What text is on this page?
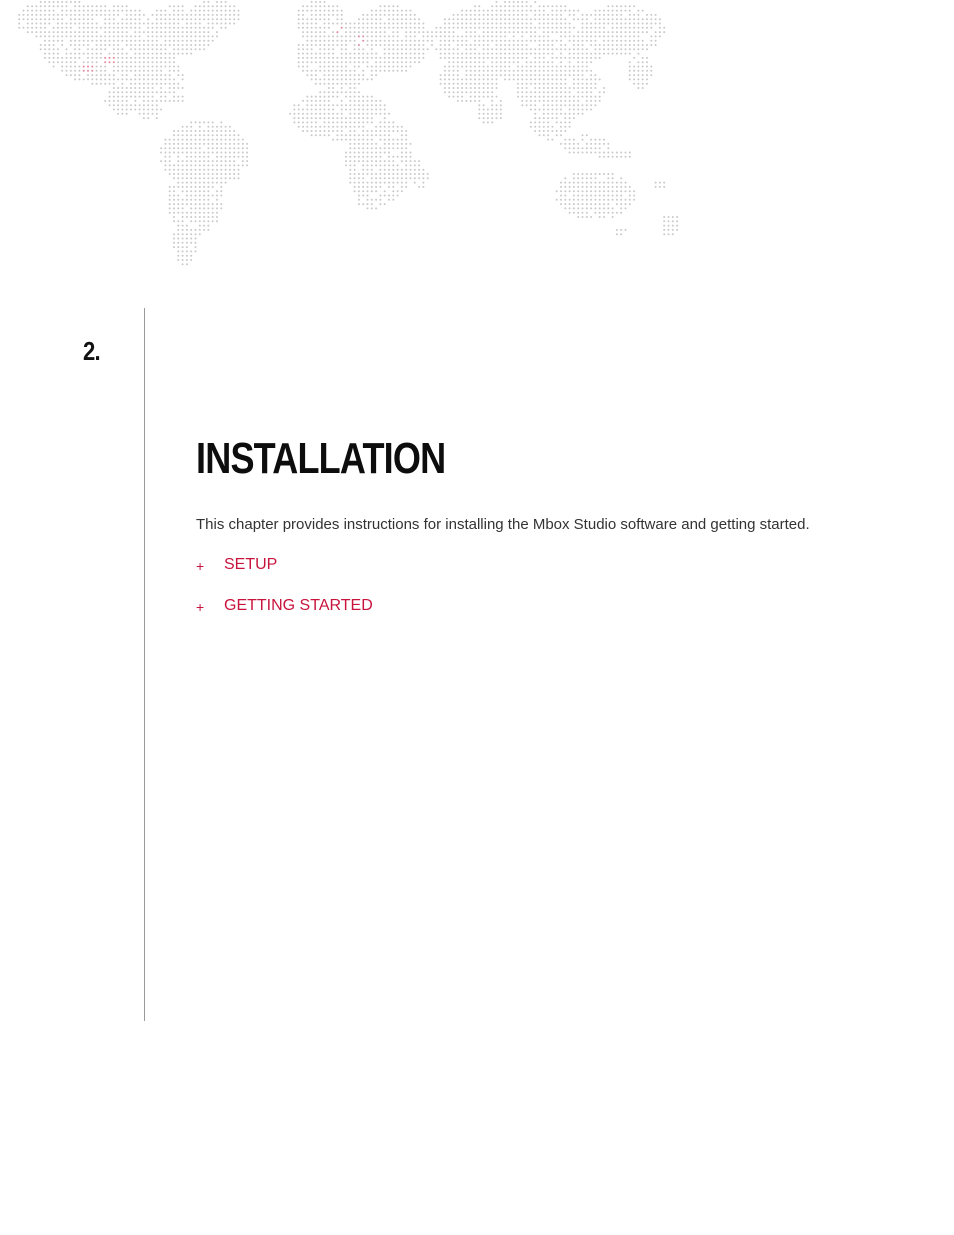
2.
INSTALLATION

This chapter provides instructions for installing the Mbox Studio software and getting started.

+	SETUP
+	GETTING STARTED
